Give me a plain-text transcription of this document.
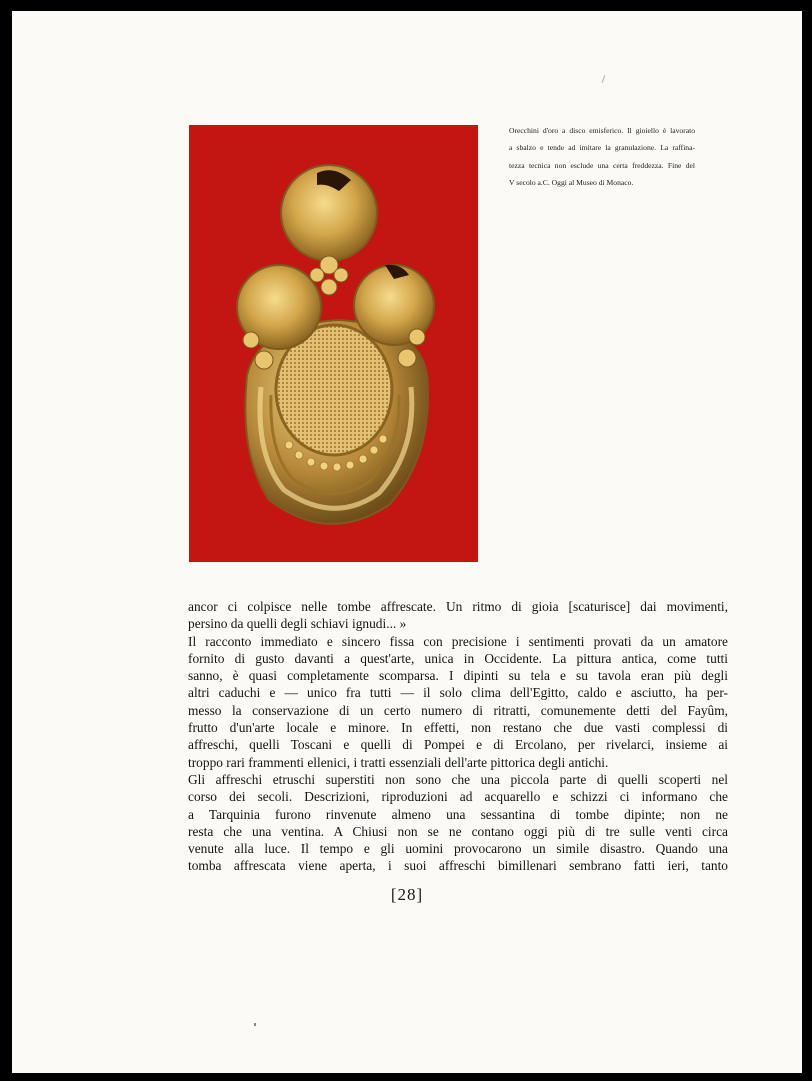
Orecchini d'oro a disco emisferico. Il gioiello è lavorato
a sbalzo e tende ad imitare la granulazione. La raffina-
tezza tecnica non esclude una certa freddezza. Fine del
V secolo a.C. Oggi al Museo di Monaco.

ancor ci colpisce nelle tombe affrescate. Un ritmo di gioia [scaturisce] dai movimenti,
persino da quelli degli schiavi ignudi... »

Il racconto immediato e sincero fissa con precisione i sentimenti provati da un amatore
fornito di gusto davanti a quest'arte, unica in Occidente. La pittura antica, come tutti
sanno, è quasi completamente scomparsa. I dipinti su tela e su tavola eran più degli
altri caduchi e — unico fra tutti — il solo clima dell'Egitto, caldo e asciutto, ha per-
messo la conservazione di un certo numero di ritratti, comunemente detti del Fayûm,
frutto d'un'arte locale e minore. In effetti, non restano che due vasti complessi di
affreschi, quelli Toscani e quelli di Pompei e di Ercolano, per rivelarci, insieme ai
troppo rari frammenti ellenici, i tratti essenziali dell'arte pittorica degli antichi.

Gli affreschi etruschi superstiti non sono che una piccola parte di quelli scoperti nel
corso dei secoli. Descrizioni, riproduzioni ad acquarello e schizzi ci informano che
a Tarquinia furono rinvenute almeno una sessantina di tombe dipinte; non ne
resta che una ventina. A Chiusi non se ne contano oggi più di tre sulle venti circa
venute alla luce. Il tempo e gli uomini provocarono un simile disastro. Quando una
tomba affrescata viene aperta, i suoi affreschi bimillenari sembrano fatti ieri, tanto

[28]
